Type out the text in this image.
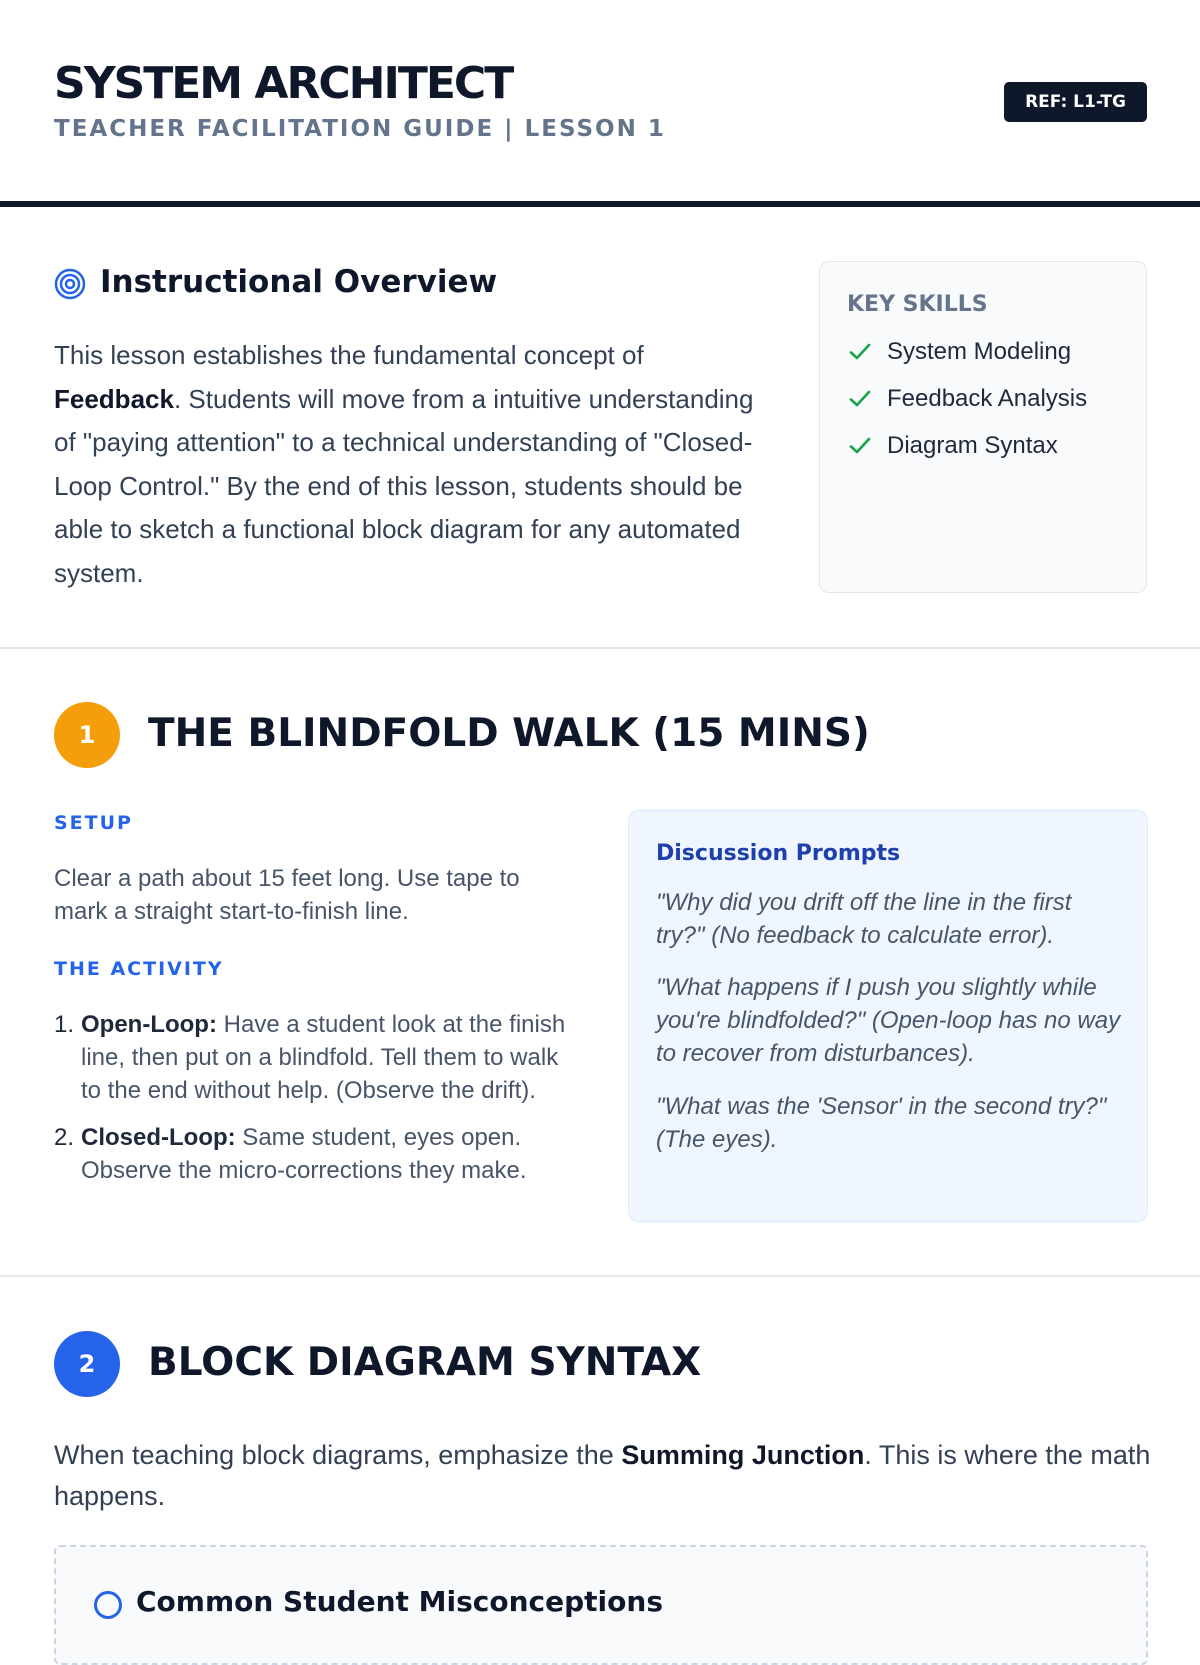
SYSTEM ARCHITECT
TEACHER FACILITATION GUIDE | LESSON 1
REF: L1-TG
Instructional Overview

This lesson establishes the fundamental concept of Feedback. Students will move from a intuitive understanding of "paying attention" to a technical understanding of "Closed-Loop Control." By the end of this lesson, students should be able to sketch a functional block diagram for any automated system.

KEY SKILLS
System Modeling
Feedback Analysis
Diagram Syntax
1	THE BLINDFOLD WALK (15 MINS)
SETUP

Clear a path about 15 feet long. Use tape to mark a straight start-to-finish line.

THE ACTIVITY
1. Open-Loop: Have a student look at the finish line, then put on a blindfold. Tell them to walk to the end without help. (Observe the drift).
2. Closed-Loop: Same student, eyes open. Observe the micro-corrections they make.
Discussion Prompts

"Why did you drift off the line in the first try?" (No feedback to calculate error).

"What happens if I push you slightly while you're blindfolded?" (Open-loop has no way to recover from disturbances).

"What was the 'Sensor' in the second try?" (The eyes).

2	BLOCK DIAGRAM SYNTAX

When teaching block diagrams, emphasize the Summing Junction. This is where the math happens.

Common Student Misconceptions
